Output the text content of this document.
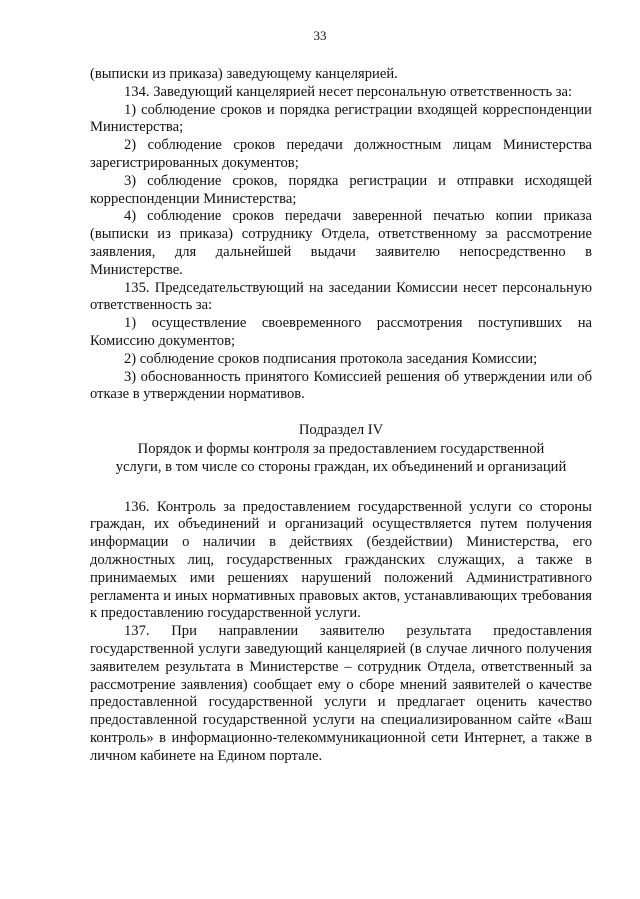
33

(выписки из приказа) заведующему канцелярией.

134. Заведующий канцелярией несет персональную ответственность за:

1) соблюдение сроков и порядка регистрации входящей корреспонденции Министерства;

2) соблюдение сроков передачи должностным лицам Министерства зарегистрированных документов;

3) соблюдение сроков, порядка регистрации и отправки исходящей корреспонденции Министерства;

4) соблюдение сроков передачи заверенной печатью копии приказа (выписки из приказа) сотруднику Отдела, ответственному за рассмотрение заявления, для дальнейшей выдачи заявителю непосредственно в Министерстве.

135. Председательствующий на заседании Комиссии несет персональную ответственность за:

1) осуществление своевременного рассмотрения поступивших на Комиссию документов;

2) соблюдение сроков подписания протокола заседания Комиссии;

3) обоснованность принятого Комиссией решения об утверждении или об отказе в утверждении нормативов.

Подраздел IV

Порядок и формы контроля за предоставлением государственной

услуги, в том числе со стороны граждан, их объединений и организаций

136. Контроль за предоставлением государственной услуги со стороны граждан, их объединений и организаций осуществляется путем получения информации о наличии в действиях (бездействии) Министерства, его должностных лиц, государственных гражданских служащих, а также в принимаемых ими решениях нарушений положений Административного регламента и иных нормативных правовых актов, устанавливающих требования к предоставлению государственной услуги.

137. При направлении заявителю результата предоставления государственной услуги заведующий канцелярией (в случае личного получения заявителем результата в Министерстве – сотрудник Отдела, ответственный за рассмотрение заявления) сообщает ему о сборе мнений заявителей о качестве предоставленной государственной услуги и предлагает оценить качество предоставленной государственной услуги на специализированном сайте «Ваш контроль» в информационно-телекоммуникационной сети Интернет, а также в личном кабинете на Едином портале.
